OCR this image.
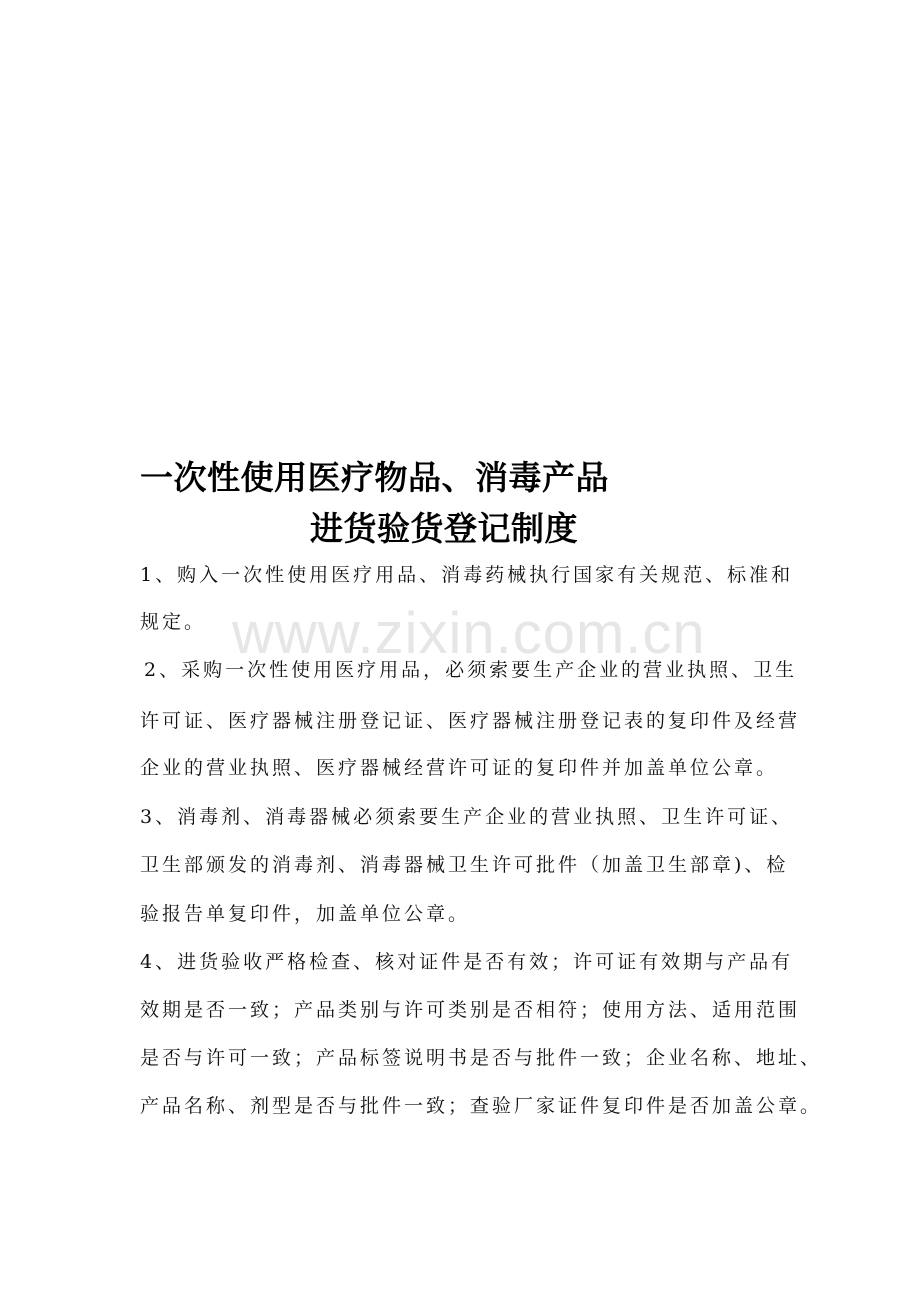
www.zixin.com.cn
一次性使用医疗物品、消毒产品
进货验货登记制度
1、购入一次性使用医疗用品、消毒药械执行国家有关规范、标准和
规定。
2、采购一次性使用医疗用品，必须索要生产企业的营业执照、卫生
许可证、医疗器械注册登记证、医疗器械注册登记表的复印件及经营
企业的营业执照、医疗器械经营许可证的复印件并加盖单位公章。
3、消毒剂、消毒器械必须索要生产企业的营业执照、卫生许可证、
卫生部颁发的消毒剂、消毒器械卫生许可批件（加盖卫生部章)、检
验报告单复印件，加盖单位公章。
4、进货验收严格检查、核对证件是否有效；许可证有效期与产品有
效期是否一致；产品类别与许可类别是否相符；使用方法、适用范围
是否与许可一致；产品标签说明书是否与批件一致；企业名称、地址、
产品名称、剂型是否与批件一致；查验厂家证件复印件是否加盖公章。
